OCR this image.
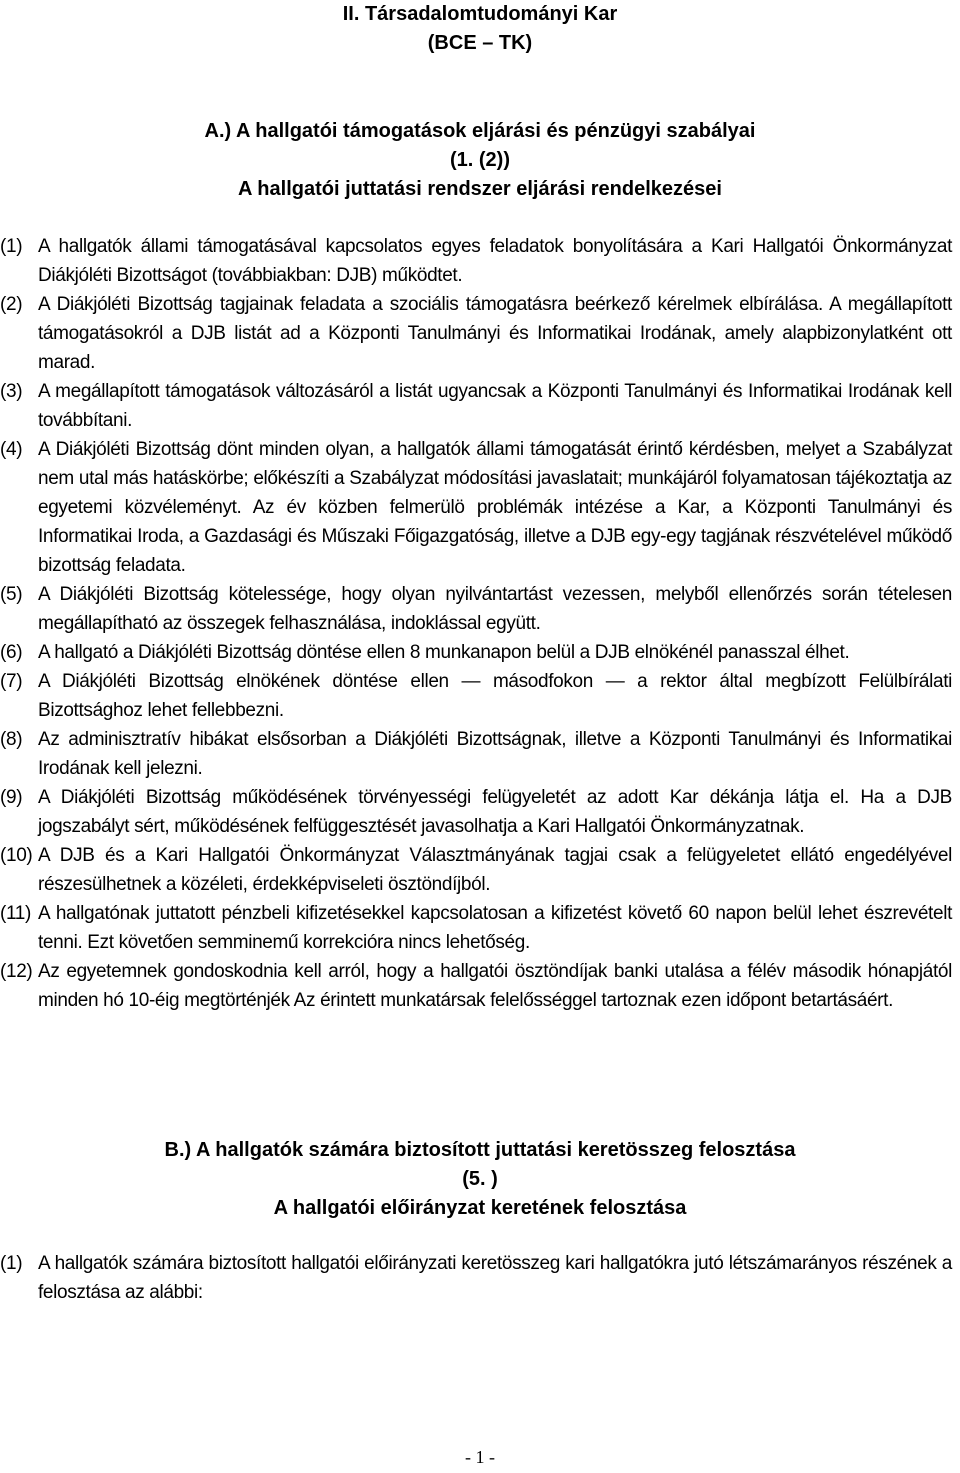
II. Társadalomtudományi Kar
(BCE – TK)
A.) A hallgatói támogatások eljárási és pénzügyi szabályai
(1. (2))
A hallgatói juttatási rendszer eljárási rendelkezései
(1) A hallgatók állami támogatásával kapcsolatos egyes feladatok bonyolítására a Kari Hallgatói Önkormányzat Diákjóléti Bizottságot (továbbiakban: DJB) működtet.
(2) A Diákjóléti Bizottság tagjainak feladata a szociális támogatásra beérkező kérelmek elbírálása. A megállapított támogatásokról a DJB listát ad a Központi Tanulmányi és Informatikai Irodának, amely alapbizonylatként ott marad.
(3) A megállapított támogatások változásáról a listát ugyancsak a Központi Tanulmányi és Informatikai Irodának kell továbbítani.
(4) A Diákjóléti Bizottság dönt minden olyan, a hallgatók állami támogatását érintő kérdésben, melyet a Szabályzat nem utal más hatáskörbe; előkészíti a Szabályzat módosítási javaslatait; munkájáról folyamatosan tájékoztatja az egyetemi közvéleményt. Az év közben felmerülö problémák intézése a Kar, a Központi Tanulmányi és Informatikai Iroda, a Gazdasági és Műszaki Főigazgatóság, illetve a DJB egy-egy tagjának részvételével működő bizottság feladata.
(5) A Diákjóléti Bizottság kötelessége, hogy olyan nyilvántartást vezessen, melyből ellenőrzés során tételesen megállapítható az összegek felhasználása, indoklással együtt.
(6) A hallgató a Diákjóléti Bizottság döntése ellen 8 munkanapon belül a DJB elnökénél panasszal élhet.
(7) A Diákjóléti Bizottság elnökének döntése ellen — másodfokon — a rektor által megbízott Felülbírálati Bizottsághoz lehet fellebbezni.
(8) Az adminisztratív hibákat elsősorban a Diákjóléti Bizottságnak, illetve a Központi Tanulmányi és Informatikai Irodának kell jelezni.
(9) A Diákjóléti Bizottság működésének törvényességi felügyeletét az adott Kar dékánja látja el. Ha a DJB jogszabályt sért, működésének felfüggesztését javasolhatja a Kari Hallgatói Önkormányzatnak.
(10) A DJB és a Kari Hallgatói Önkormányzat Választmányának tagjai csak a felügyeletet ellátó engedélyével részesülhetnek a közéleti, érdekképviseleti ösztöndíjból.
(11) A hallgatónak juttatott pénzbeli kifizetésekkel kapcsolatosan a kifizetést követő 60 napon belül lehet észrevételt tenni. Ezt követően semminemű korrekcióra nincs lehetőség.
(12) Az egyetemnek gondoskodnia kell arról, hogy a hallgatói ösztöndíjak banki utalása a félév második hónapjától minden hó 10-éig megtörténjék Az érintett munkatársak felelősséggel tartoznak ezen időpont betartásáért.
B.) A hallgatók számára biztosított juttatási keretösszeg felosztása
(5. )
A hallgatói előirányzat keretének felosztása
(1) A hallgatók számára biztosított hallgatói előirányzati keretösszeg kari hallgatókra jutó létszámarányos részének a felosztása az alábbi:
- 1 -
